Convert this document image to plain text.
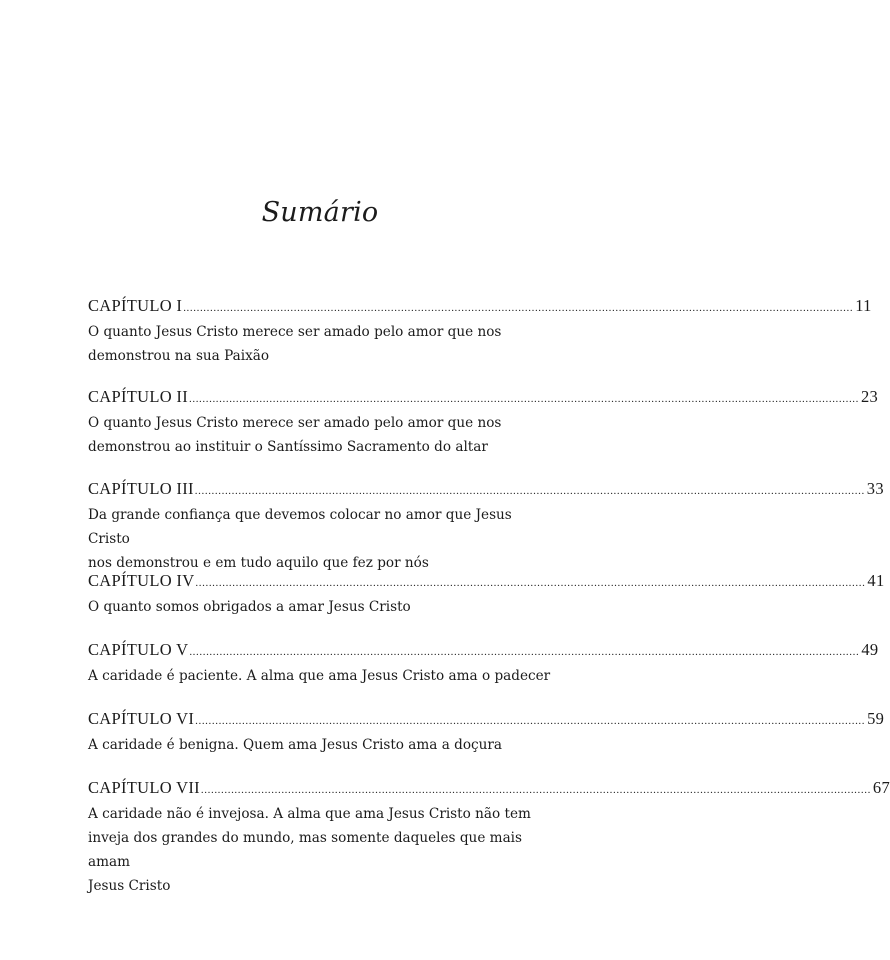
Sumário
CAPÍTULO I ........................................................................................................................................................................................................ 11
O quanto Jesus Cristo merece ser amado pelo amor que nos
demonstrou na sua Paixão
CAPÍTULO II ........................................................................................................................................................................................................ 23
O quanto Jesus Cristo merece ser amado pelo amor que nos
demonstrou ao instituir o Santíssimo Sacramento do altar
CAPÍTULO III ........................................................................................................................................................................................................ 33
Da grande confiança que devemos colocar no amor que Jesus Cristo
nos demonstrou e em tudo aquilo que fez por nós
CAPÍTULO IV ........................................................................................................................................................................................................ 41
O quanto somos obrigados a amar Jesus Cristo
CAPÍTULO V ........................................................................................................................................................................................................ 49
A caridade é paciente. A alma que ama Jesus Cristo ama o padecer
CAPÍTULO VI ........................................................................................................................................................................................................ 59
A caridade é benigna. Quem ama Jesus Cristo ama a doçura
CAPÍTULO VII ........................................................................................................................................................................................................ 67
A caridade não é invejosa. A alma que ama Jesus Cristo não tem
inveja dos grandes do mundo, mas somente daqueles que mais amam
Jesus Cristo
